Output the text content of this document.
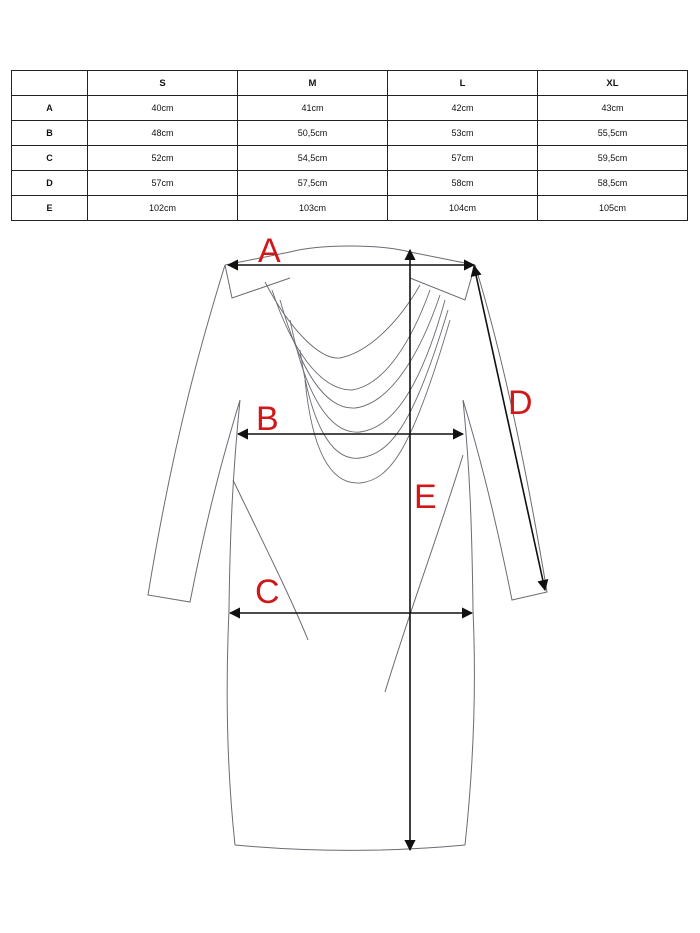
	S	M	L	XL
A	40cm	41cm	42cm	43cm
B	48cm	50,5cm	53cm	55,5cm
C	52cm	54,5cm	57cm	59,5cm
D	57cm	57,5cm	58cm	58,5cm
E	102cm	103cm	104cm	105cm
A
B
C
D
E
